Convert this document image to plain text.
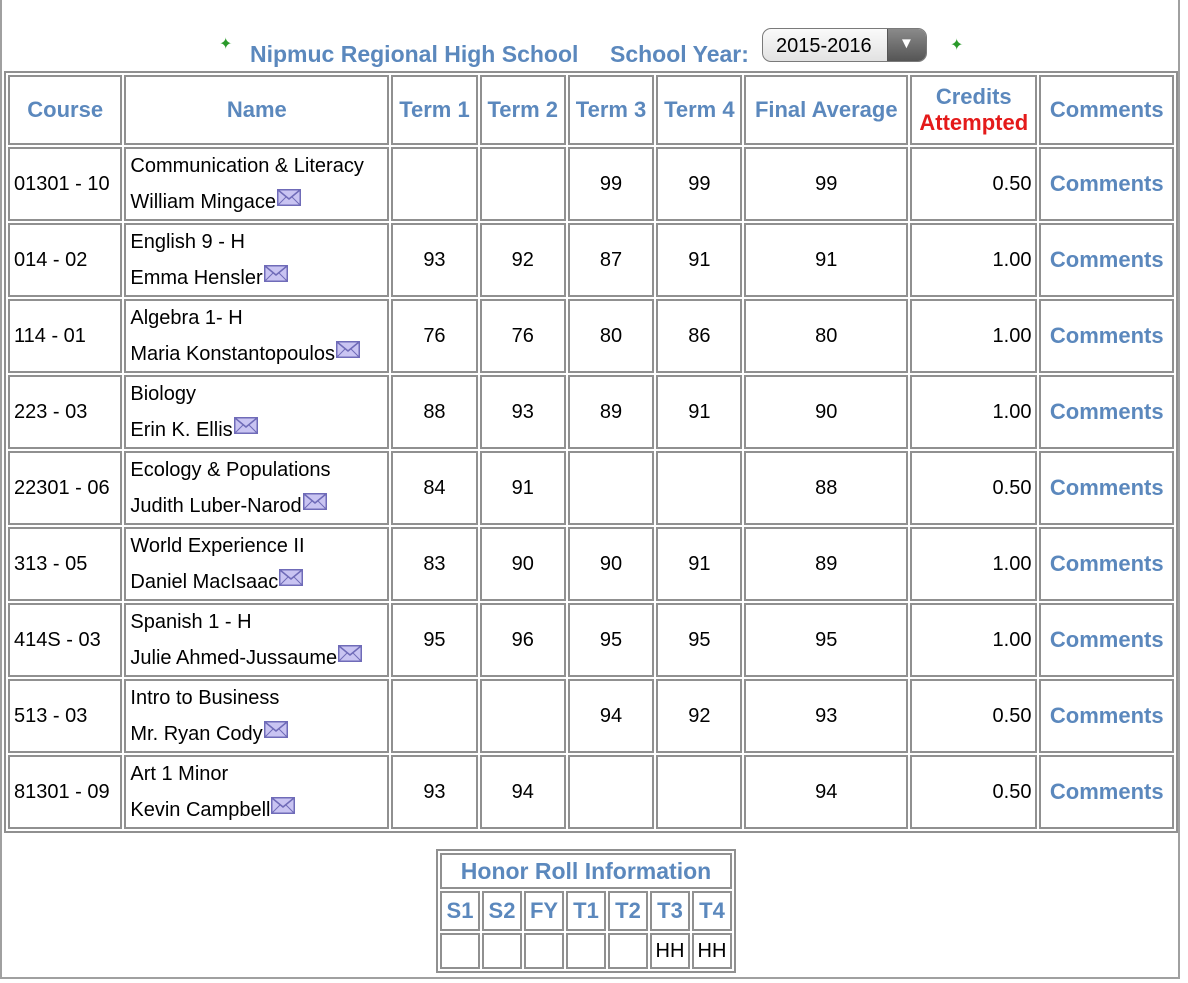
✦ Nipmuc Regional High School School Year: 2015-2016 ▼ ✦
Course	Name	Term 1	Term 2	Term 3	Term 4	Final Average	Credits
Attempted	Comments
01301 - 10	Communication & Literacy
William Mingace			99	99	99	0.50	Comments
014 - 02	English 9 - H
Emma Hensler	93	92	87	91	91	1.00	Comments
114 - 01	Algebra 1- H
Maria Konstantopoulos	76	76	80	86	80	1.00	Comments
223 - 03	Biology
Erin K. Ellis	88	93	89	91	90	1.00	Comments
22301 - 06	Ecology & Populations
Judith Luber-Narod	84	91			88	0.50	Comments
313 - 05	World Experience II
Daniel MacIsaac	83	90	90	91	89	1.00	Comments
414S - 03	Spanish 1 - H
Julie Ahmed-Jussaume	95	96	95	95	95	1.00	Comments
513 - 03	Intro to Business
Mr. Ryan Cody			94	92	93	0.50	Comments
81301 - 09	Art 1 Minor
Kevin Campbell	93	94			94	0.50	Comments
Honor Roll Information						
S1	S2	FY	T1	T2	T3	T4
					HH	HH
